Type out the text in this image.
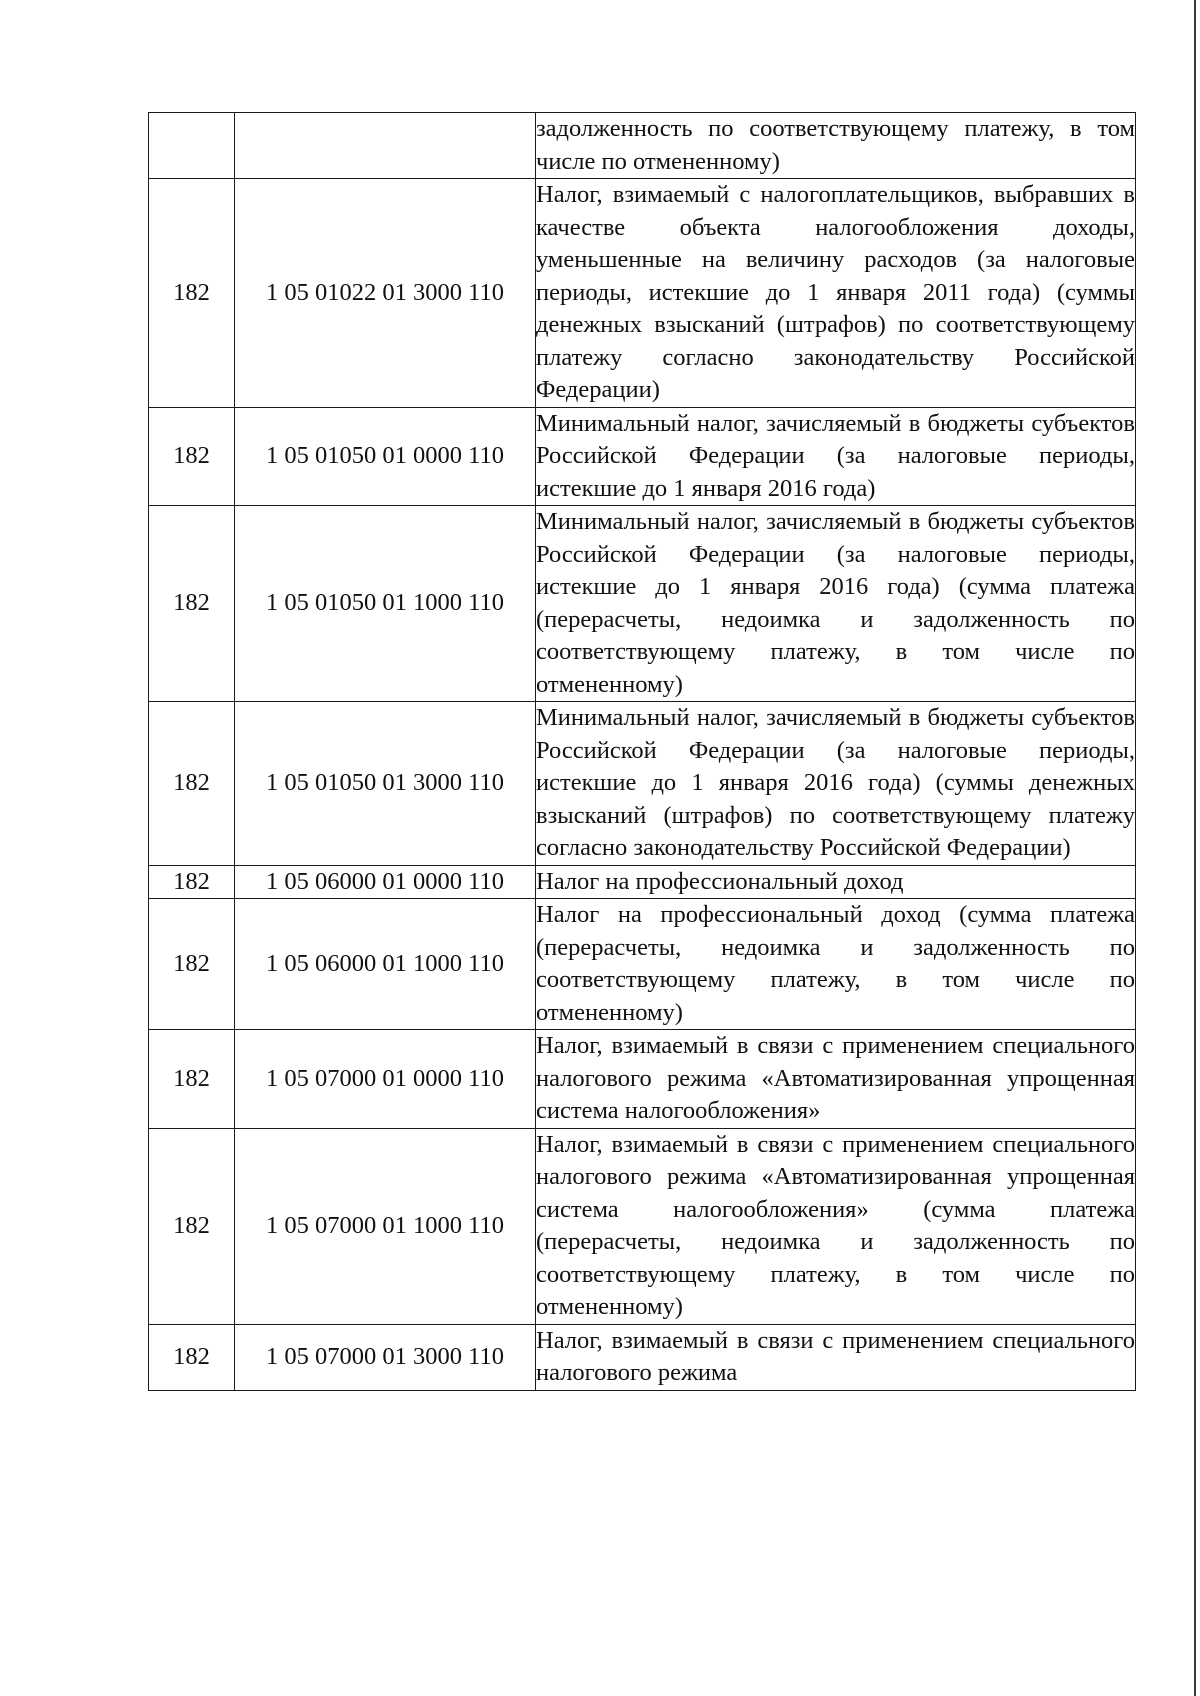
		задолженность по соответствующему платежу, в том числе по отмененному)
182	1 05 01022 01 3000 110	Налог, взимаемый с налогоплательщиков, выбравших в качестве объекта налогообложения доходы, уменьшенные на величину расходов (за налоговые периоды, истекшие до 1 января 2011 года) (суммы денежных взысканий (штрафов) по соответствующему платежу согласно законодательству Российской Федерации)
182	1 05 01050 01 0000 110	Минимальный налог, зачисляемый в бюджеты субъектов Российской Федерации (за налоговые периоды, истекшие до 1 января 2016 года)
182	1 05 01050 01 1000 110	Минимальный налог, зачисляемый в бюджеты субъектов Российской Федерации (за налоговые периоды, истекшие до 1 января 2016 года) (сумма платежа (перерасчеты, недоимка и задолженность по соответствующему платежу, в том числе по отмененному)
182	1 05 01050 01 3000 110	Минимальный налог, зачисляемый в бюджеты субъектов Российской Федерации (за налоговые периоды, истекшие до 1 января 2016 года) (суммы денежных взысканий (штрафов) по соответствующему платежу согласно законодательству Российской Федерации)
182	1 05 06000 01 0000 110	Налог на профессиональный доход
182	1 05 06000 01 1000 110	Налог на профессиональный доход (сумма платежа (перерасчеты, недоимка и задолженность по соответствующему платежу, в том числе по отмененному)
182	1 05 07000 01 0000 110	Налог, взимаемый в связи с применением специального налогового режима «Автоматизированная упрощенная система налогообложения»
182	1 05 07000 01 1000 110	Налог, взимаемый в связи с применением специального налогового режима «Автоматизированная упрощенная система налогообложения» (сумма платежа (перерасчеты, недоимка и задолженность по соответствующему платежу, в том числе по отмененному)
182	1 05 07000 01 3000 110	Налог, взимаемый в связи с применением специального налогового режима
